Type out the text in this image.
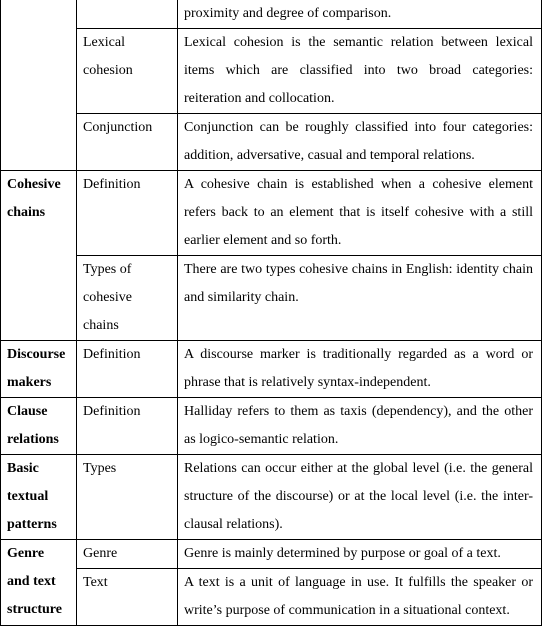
		proximity and degree of comparison.
	Lexical cohesion	Lexical cohesion is the semantic relation between lexical items which are classified into two broad categories: reiteration and collocation.
	Conjunction	Conjunction can be roughly classified into four categories: addition, adversative, casual and temporal relations.
Cohesive chains	Definition	A cohesive chain is established when a cohesive element refers back to an element that is itself cohesive with a still earlier element and so forth.
	Types of cohesive chains	There are two types cohesive chains in English: identity chain and similarity chain.
Discourse makers	Definition	A discourse marker is traditionally regarded as a word or phrase that is relatively syntax-independent.
Clause relations	Definition	Halliday refers to them as taxis (dependency), and the other as logico-semantic relation.
Basic textual patterns	Types	Relations can occur either at the global level (i.e. the general structure of the discourse) or at the local level (i.e. the inter-clausal relations).
Genre and text structure	Genre	Genre is mainly determined by purpose or goal of a text.
	Text	A text is a unit of language in use. It fulfills the speaker or write’s purpose of communication in a situational context.
